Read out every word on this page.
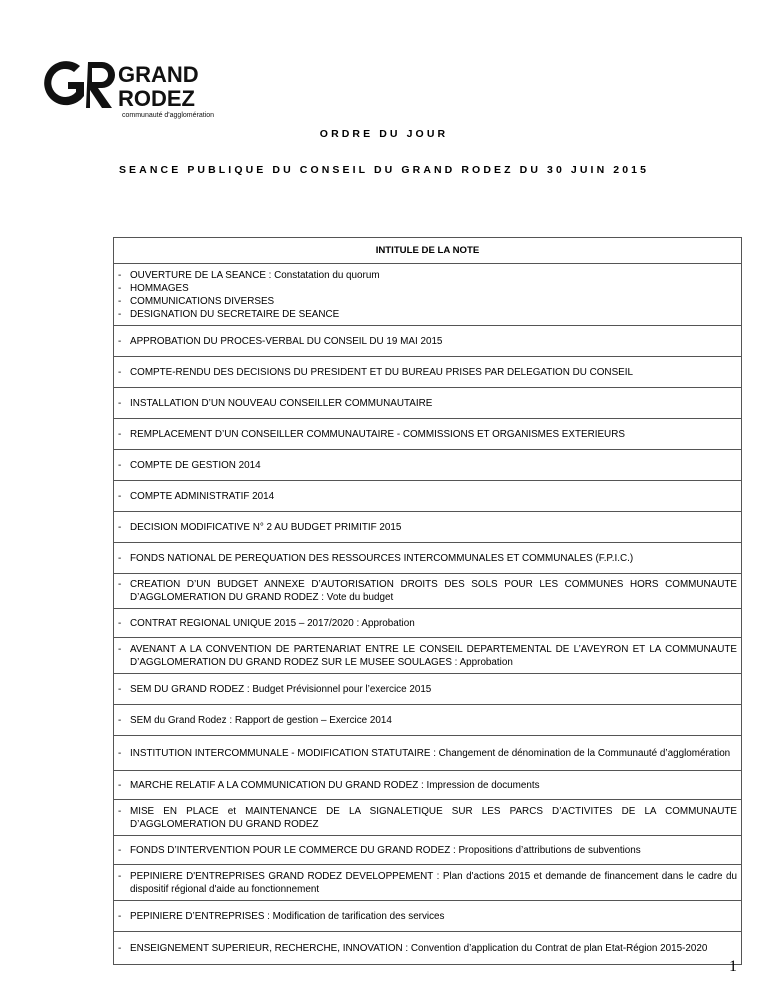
GRAND
RODEZ
communauté d'agglomération
ORDRE DU JOUR
SEANCE PUBLIQUE DU CONSEIL DU GRAND RODEZ DU 30 JUIN 2015
INTITULE DE LA NOTE
- OUVERTURE DE LA SEANCE : Constatation du quorum
- HOMMAGES
- COMMUNICATIONS DIVERSES
- DESIGNATION DU SECRETAIRE DE SEANCE
- APPROBATION DU PROCES-VERBAL DU CONSEIL DU 19 MAI 2015
- COMPTE-RENDU DES DECISIONS DU PRESIDENT ET DU BUREAU PRISES PAR DELEGATION DU CONSEIL
- INSTALLATION D’UN NOUVEAU CONSEILLER COMMUNAUTAIRE
- REMPLACEMENT D’UN CONSEILLER COMMUNAUTAIRE - COMMISSIONS ET ORGANISMES EXTERIEURS
- COMPTE DE GESTION 2014
- COMPTE ADMINISTRATIF 2014
- DECISION MODIFICATIVE N° 2 AU BUDGET PRIMITIF 2015
- FONDS NATIONAL DE PEREQUATION DES RESSOURCES INTERCOMMUNALES ET COMMUNALES (F.P.I.C.)
- CREATION D’UN BUDGET ANNEXE D’AUTORISATION DROITS DES SOLS POUR LES COMMUNES HORS COMMUNAUTE D’AGGLOMERATION DU GRAND RODEZ : Vote du budget
- CONTRAT REGIONAL UNIQUE 2015 – 2017/2020 : Approbation
- AVENANT A LA CONVENTION DE PARTENARIAT ENTRE LE CONSEIL DEPARTEMENTAL DE L’AVEYRON ET LA COMMUNAUTE D’AGGLOMERATION DU GRAND RODEZ SUR LE MUSEE SOULAGES : Approbation
- SEM DU GRAND RODEZ : Budget Prévisionnel pour l’exercice 2015
- SEM du Grand Rodez : Rapport de gestion – Exercice 2014
- INSTITUTION INTERCOMMUNALE - MODIFICATION STATUTAIRE : Changement de dénomination de la Communauté d’agglomération
- MARCHE RELATIF A LA COMMUNICATION DU GRAND RODEZ : Impression de documents
- MISE EN PLACE et MAINTENANCE DE LA SIGNALETIQUE SUR LES PARCS D’ACTIVITES DE LA COMMUNAUTE D’AGGLOMERATION DU GRAND RODEZ
- FONDS D’INTERVENTION POUR LE COMMERCE DU GRAND RODEZ : Propositions d’attributions de subventions
- PEPINIERE D'ENTREPRISES GRAND RODEZ DEVELOPPEMENT : Plan d'actions 2015 et demande de financement dans le cadre du dispositif régional d'aide au fonctionnement
- PEPINIERE D’ENTREPRISES : Modification de tarification des services
- ENSEIGNEMENT SUPERIEUR, RECHERCHE, INNOVATION : Convention d’application du Contrat de plan Etat-Région 2015-2020
1
